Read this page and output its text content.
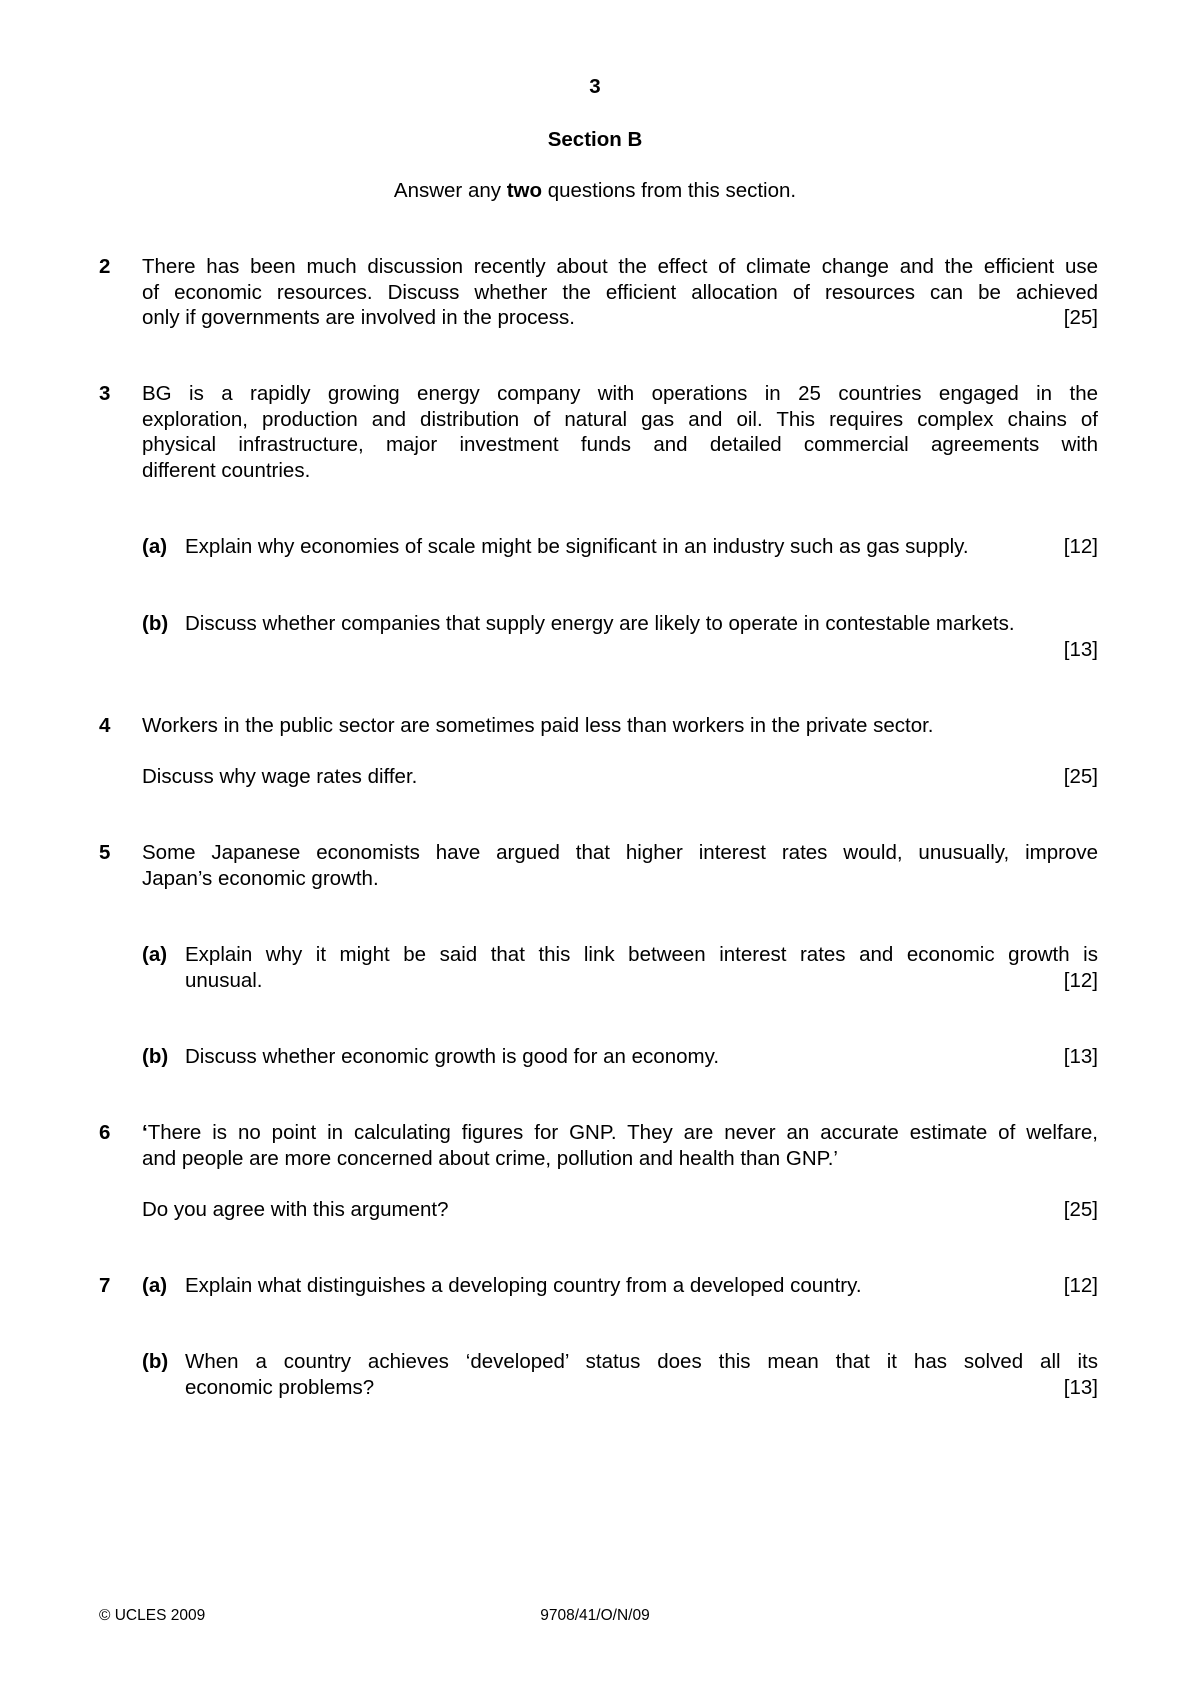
3
Section B
Answer any two questions from this section.
2 There has been much discussion recently about the effect of climate change and the efficient use
of economic resources. Discuss whether the efficient allocation of resources can be achieved
only if governments are involved in the process.	[25]
3 BG is a rapidly growing energy company with operations in 25 countries engaged in the
exploration, production and distribution of natural gas and oil. This requires complex chains of
physical infrastructure, major investment funds and detailed commercial agreements with
different countries.
(a) Explain why economies of scale might be significant in an industry such as gas supply.	[12]
(b) Discuss whether companies that supply energy are likely to operate in contestable markets.
[13]
4 Workers in the public sector are sometimes paid less than workers in the private sector.
Discuss why wage rates differ.	[25]
5 Some Japanese economists have argued that higher interest rates would, unusually, improve
Japan’s economic growth.
(a) Explain why it might be said that this link between interest rates and economic growth is
unusual.	[12]
(b) Discuss whether economic growth is good for an economy.	[13]
6 ‘There is no point in calculating figures for GNP. They are never an accurate estimate of welfare,
and people are more concerned about crime, pollution and health than GNP.’
Do you agree with this argument?	[25]
7 (a) Explain what distinguishes a developing country from a developed country.	[12]
(b) When a country achieves ‘developed’ status does this mean that it has solved all its
economic problems?	[13]
© UCLES 2009	9708/41/O/N/09
